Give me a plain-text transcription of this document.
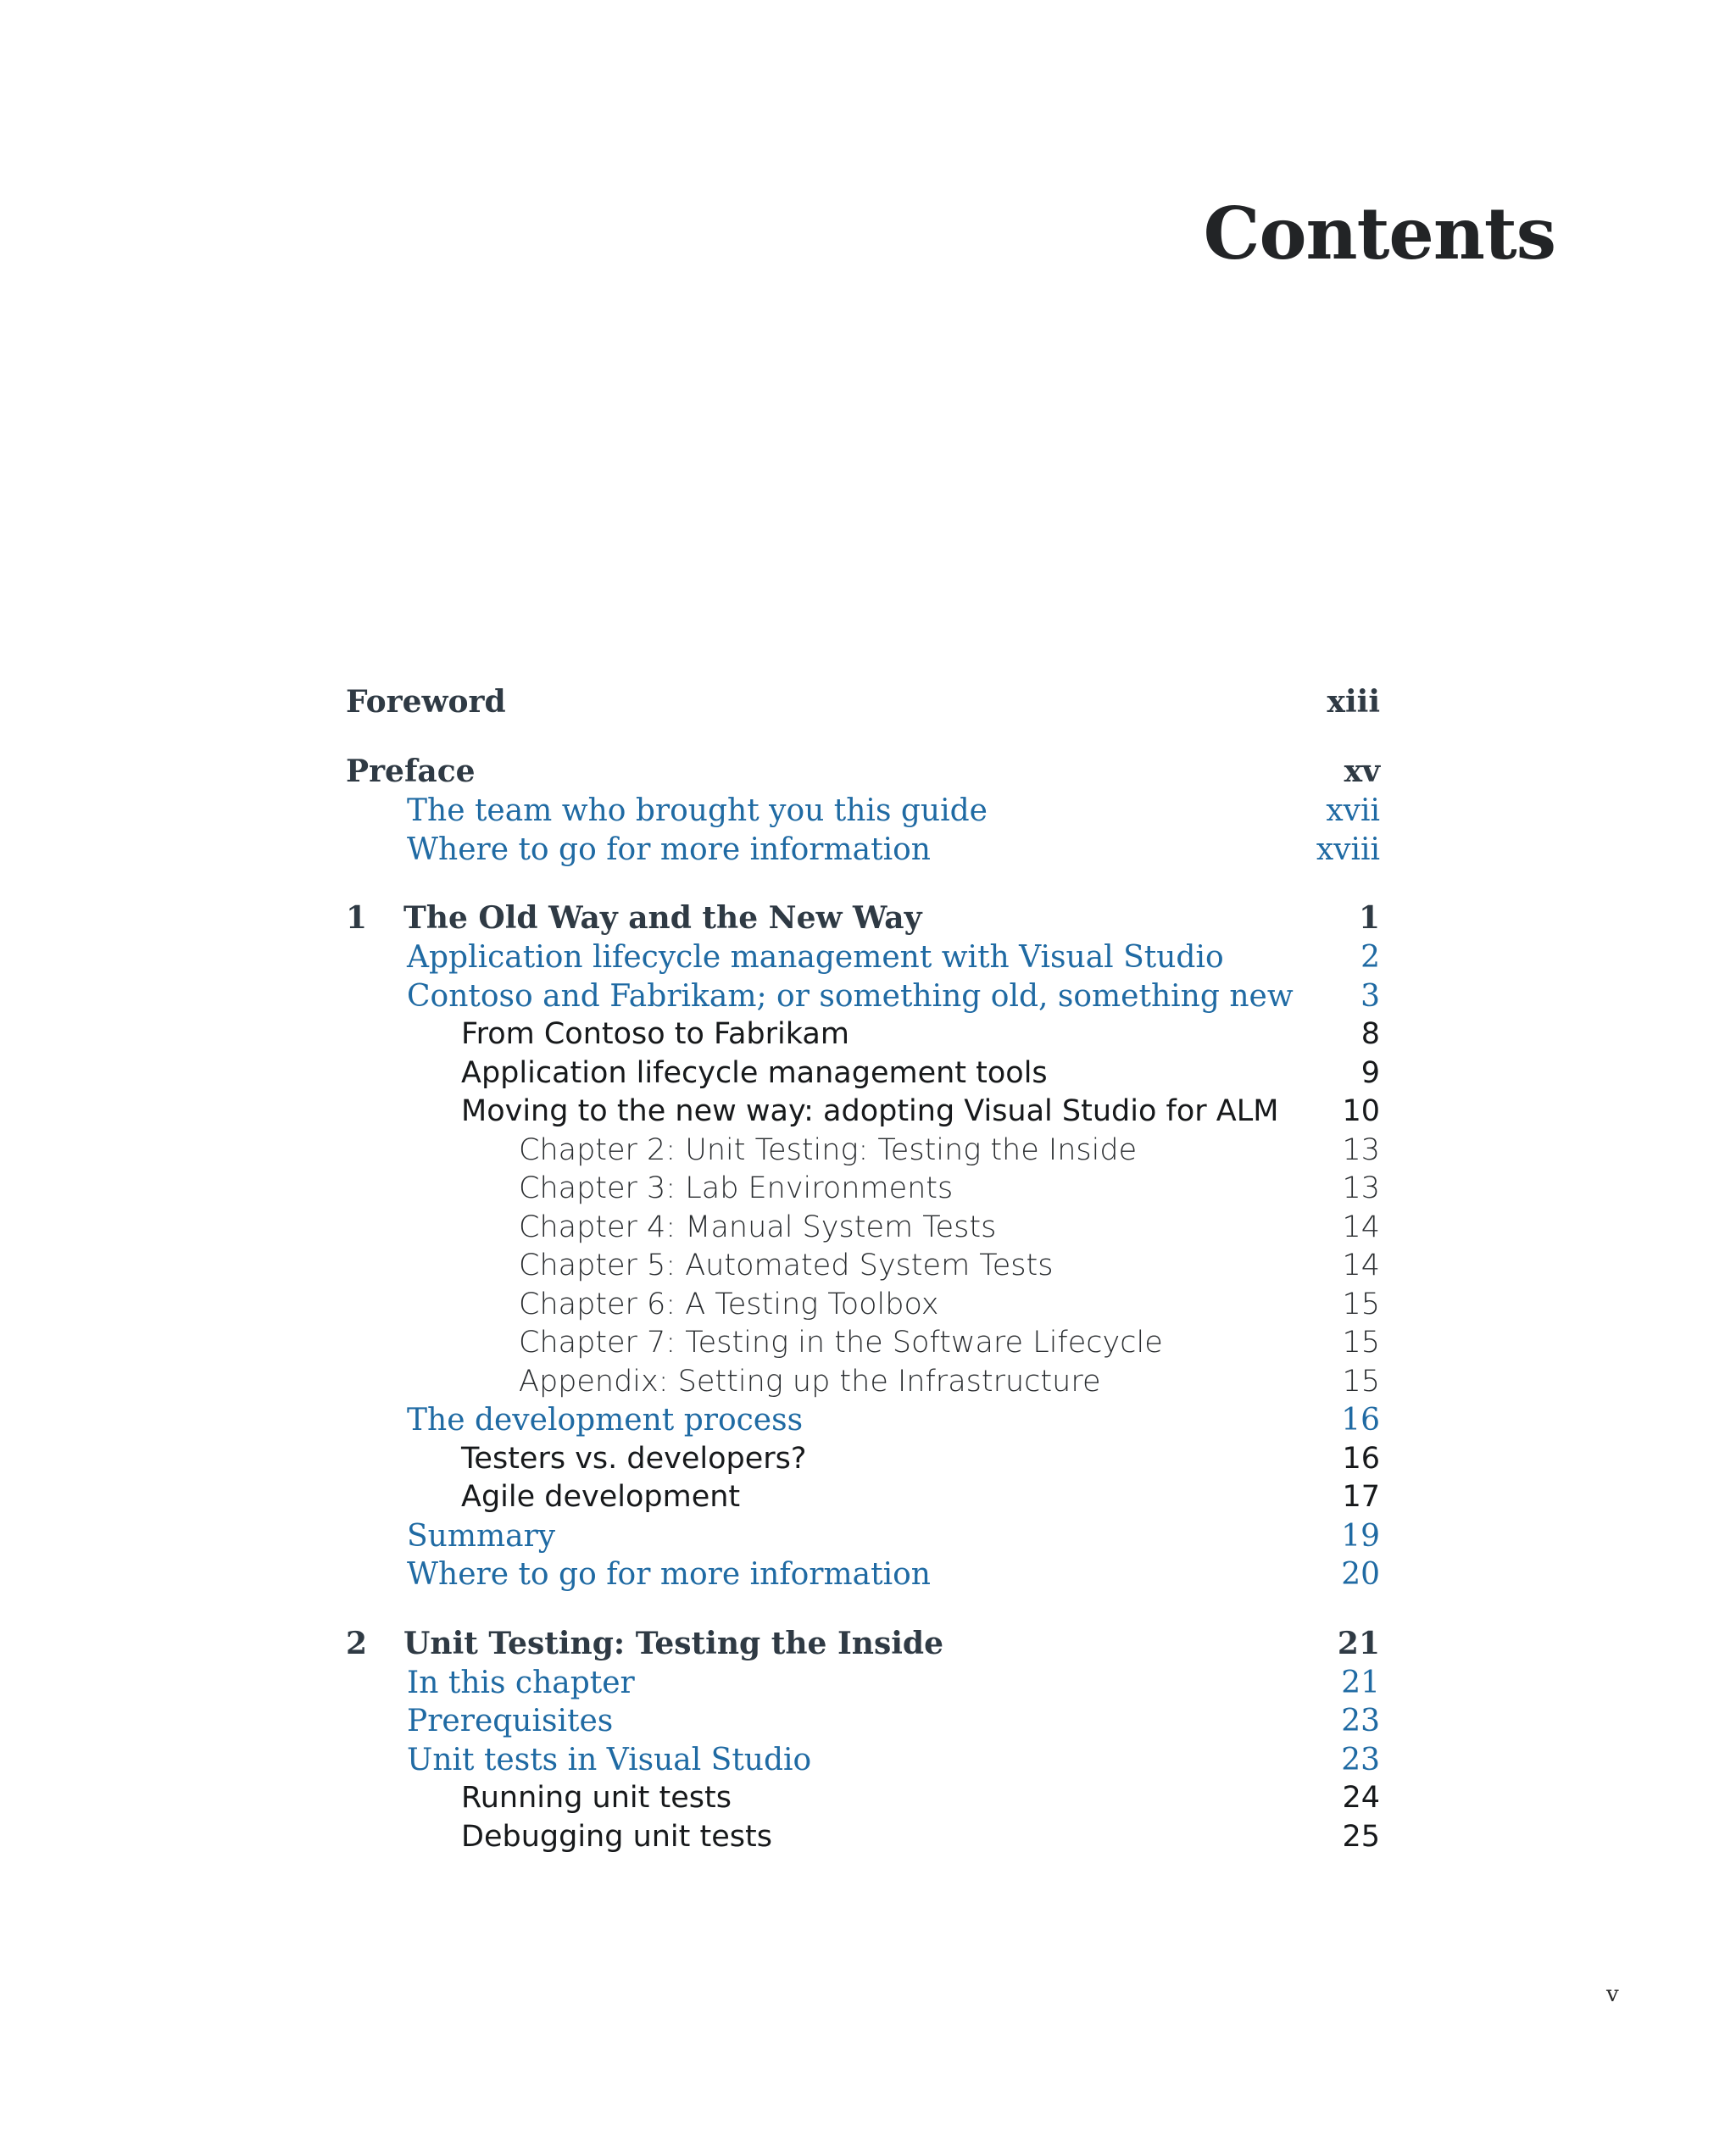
Contents
Foreword	xiii
Preface	xv
The team who brought you this guide	xvii
Where to go for more information	xviii
1 The Old Way and the New Way	1
Application lifecycle management with Visual Studio	2
Contoso and Fabrikam; or something old, something new 3
From Contoso to Fabrikam	8
Application lifecycle management tools	9
Moving to the new way: adopting Visual Studio for ALM 10
Chapter 2: Unit Testing: Testing the Inside	13
Chapter 3: Lab Environments	13
Chapter 4: Manual System Tests	14
Chapter 5: Automated System Tests	14
Chapter 6: A Testing Toolbox	15
Chapter 7: Testing in the Software Lifecycle	15
Appendix: Setting up the Infrastructure	15
The development process	16
Testers vs. developers?	16
Agile development	17
Summary	19
Where to go for more information	20
2 Unit Testing: Testing the Inside	21
In this chapter	21
Prerequisites	23
Unit tests in Visual Studio	23
Running unit tests	24
Debugging unit tests	25
v
